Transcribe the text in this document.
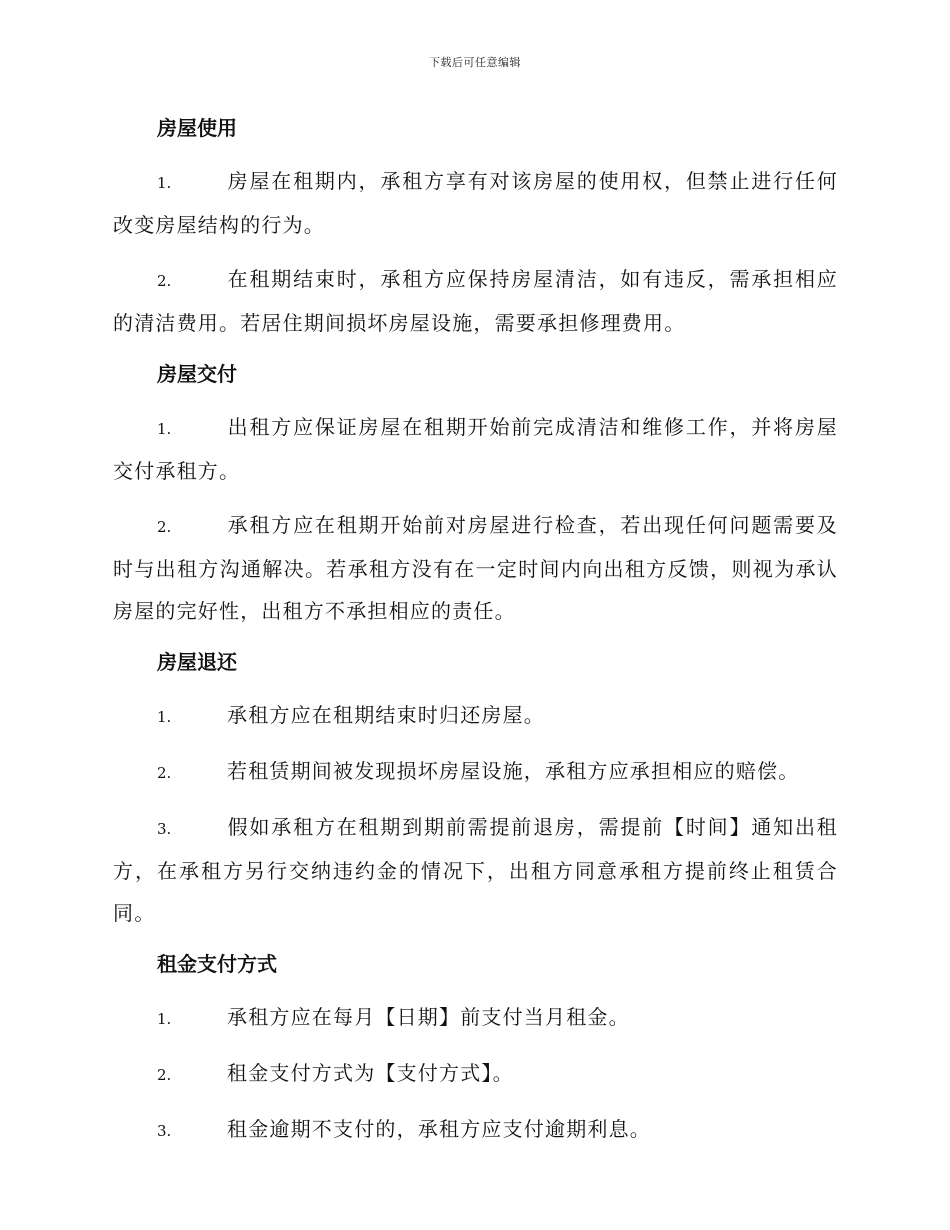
下载后可任意编辑
房屋使用

1.	房屋在租期内，承租方享有对该房屋的使用权，但禁止进行任何改变房屋结构的行为。

2.	在租期结束时，承租方应保持房屋清洁，如有违反，需承担相应的清洁费用。若居住期间损坏房屋设施，需要承担修理费用。

房屋交付

1.	出租方应保证房屋在租期开始前完成清洁和维修工作，并将房屋交付承租方。

2.	承租方应在租期开始前对房屋进行检查，若出现任何问题需要及时与出租方沟通解决。若承租方没有在一定时间内向出租方反馈，则视为承认房屋的完好性，出租方不承担相应的责任。

房屋退还

1.	承租方应在租期结束时归还房屋。

2.	若租赁期间被发现损坏房屋设施，承租方应承担相应的赔偿。

3.	假如承租方在租期到期前需提前退房，需提前【时间】通知出租方，在承租方另行交纳违约金的情况下，出租方同意承租方提前终止租赁合同。

租金支付方式

1.	承租方应在每月【日期】前支付当月租金。

2.	租金支付方式为【支付方式】。

3.	租金逾期不支付的，承租方应支付逾期利息。
